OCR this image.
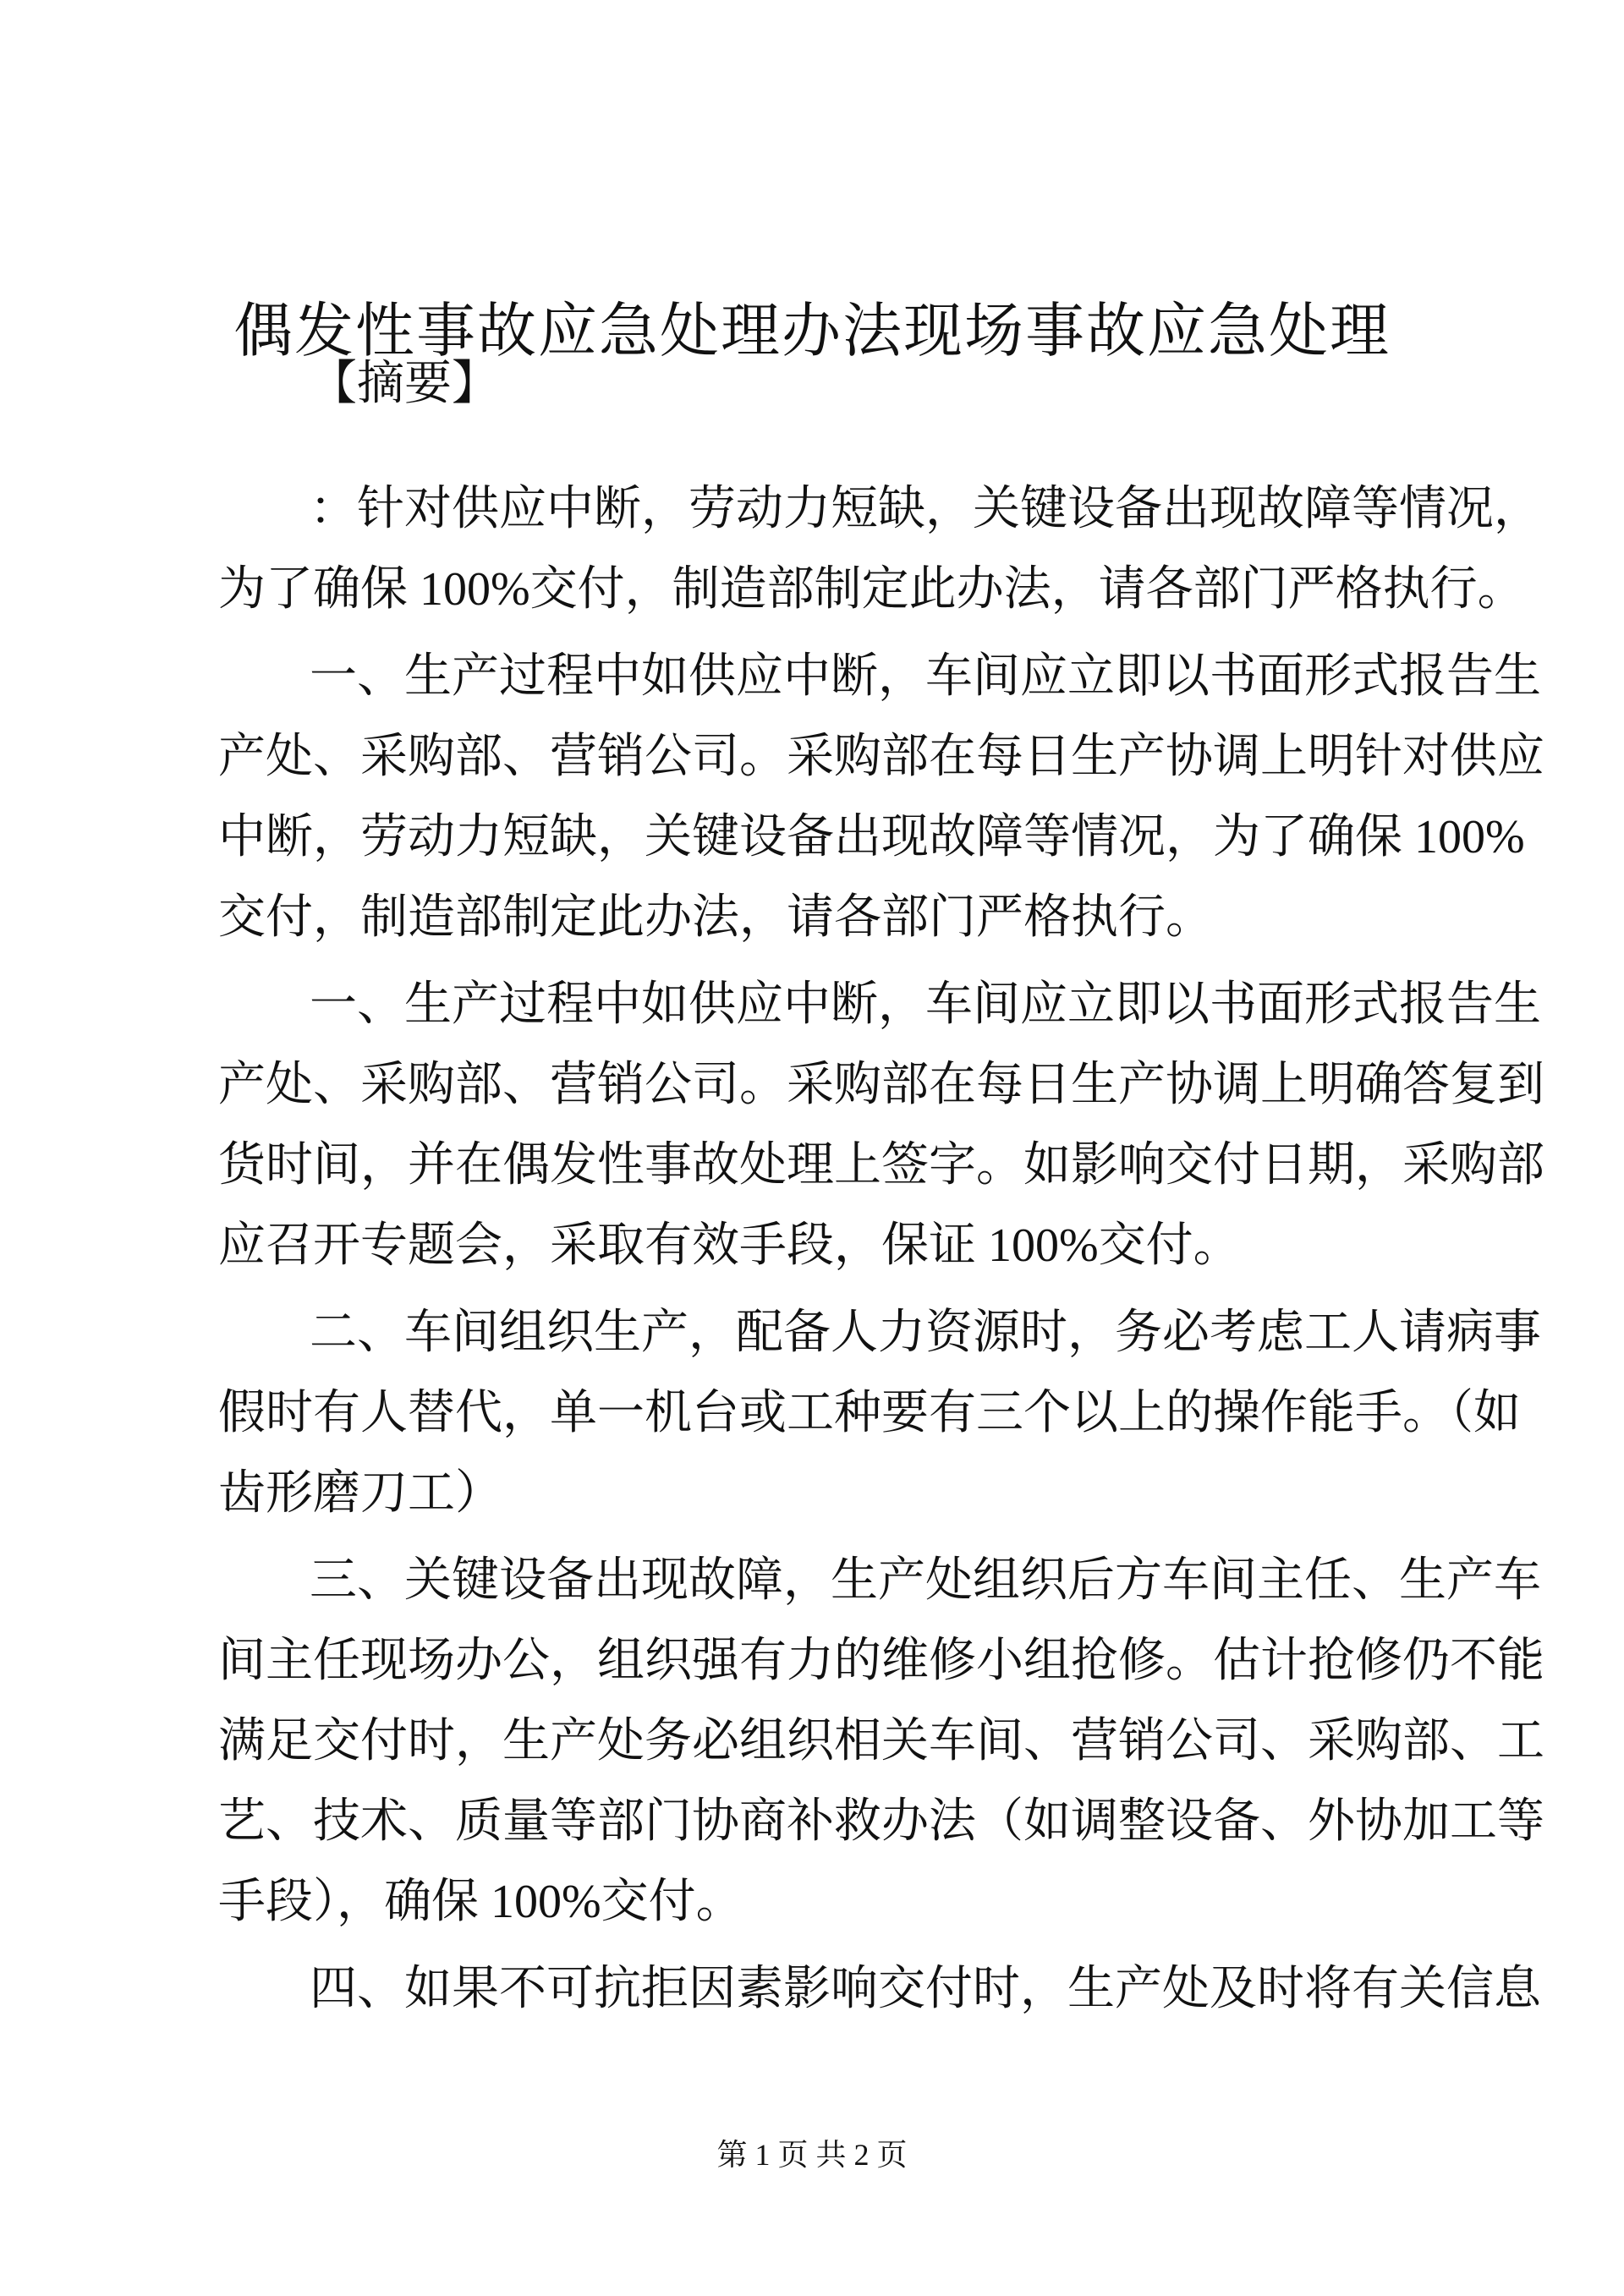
偶发性事故应急处理办法现场事故应急处理
【摘要】
：针对供应中断，劳动力短缺，关键设备出现故障等情况，
为了确保 100%交付，制造部制定此办法，请各部门严格执行。
一、生产过程中如供应中断，车间应立即以书面形式报告生
产处、采购部、营销公司。采购部在每日生产协调上明针对供应
中断，劳动力短缺，关键设备出现故障等情况，为了确保 100%
交付，制造部制定此办法，请各部门严格执行。
一、生产过程中如供应中断，车间应立即以书面形式报告生
产处、采购部、营销公司。采购部在每日生产协调上明确答复到
货时间，并在偶发性事故处理上签字。如影响交付日期，采购部
应召开专题会，采取有效手段，保证 100%交付。
二、车间组织生产，配备人力资源时，务必考虑工人请病事
假时有人替代，单一机台或工种要有三个以上的操作能手。（如
齿形磨刀工）
三、关键设备出现故障，生产处组织后方车间主任、生产车
间主任现场办公，组织强有力的维修小组抢修。估计抢修仍不能
满足交付时，生产处务必组织相关车间、营销公司、采购部、工
艺、技术、质量等部门协商补救办法（如调整设备、外协加工等
手段），确保 100%交付。
四、如果不可抗拒因素影响交付时，生产处及时将有关信息
第 1 页 共 2 页
